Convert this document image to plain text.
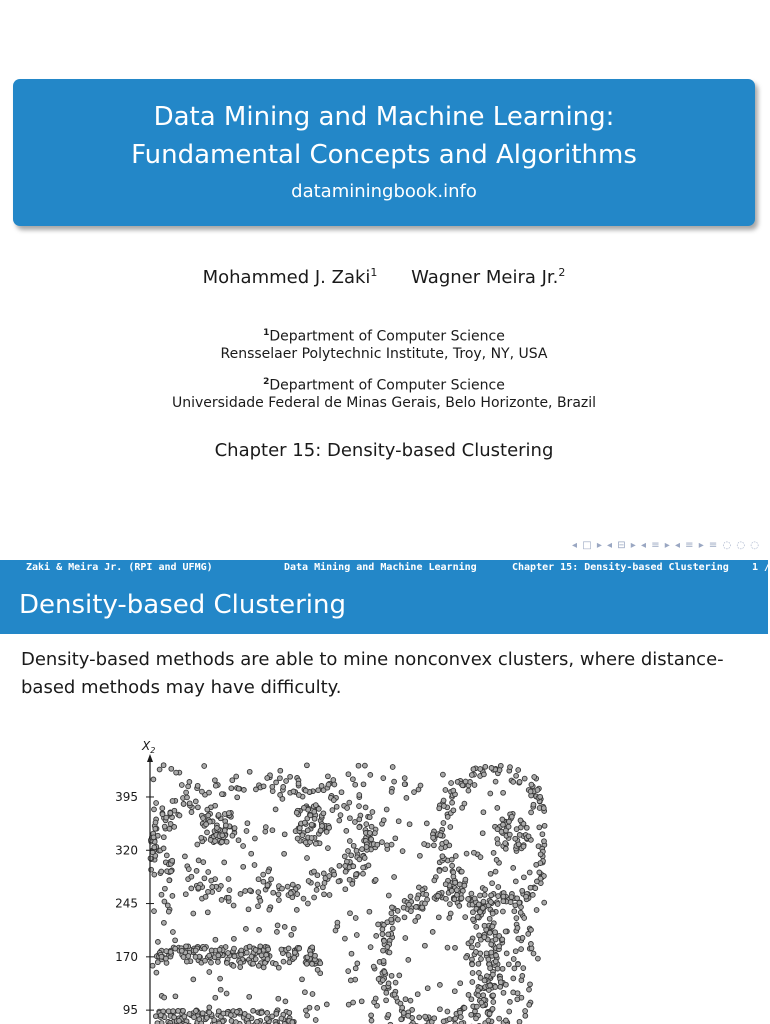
Data Mining and Machine Learning:
Fundamental Concepts and Algorithms
dataminingbook.info
Mohammed J. Zaki$^1$ Wagner Meira Jr.$^2$
$^1$Department of Computer Science
Rensselaer Polytechnic Institute, Troy, NY, USA
$^2$Department of Computer Science
Universidade Federal de Minas Gerais, Belo Horizonte, Brazil
Chapter 15: Density-based Clustering
◂ □ ▸ ◂ ⊟ ▸ ◂ ≡ ▸ ◂ ≡ ▸ ≡ ◌ ◌ ◌
Zaki & Meira Jr. (RPI and UFMG)	Data Mining and Machine Learning	Chapter 15: Density-based Clustering 1 /
Density-based Clustering
Density-based methods are able to mine nonconvex clusters, where distance-based methods may have difficulty.
$X_2$
95
170
245
320
395
